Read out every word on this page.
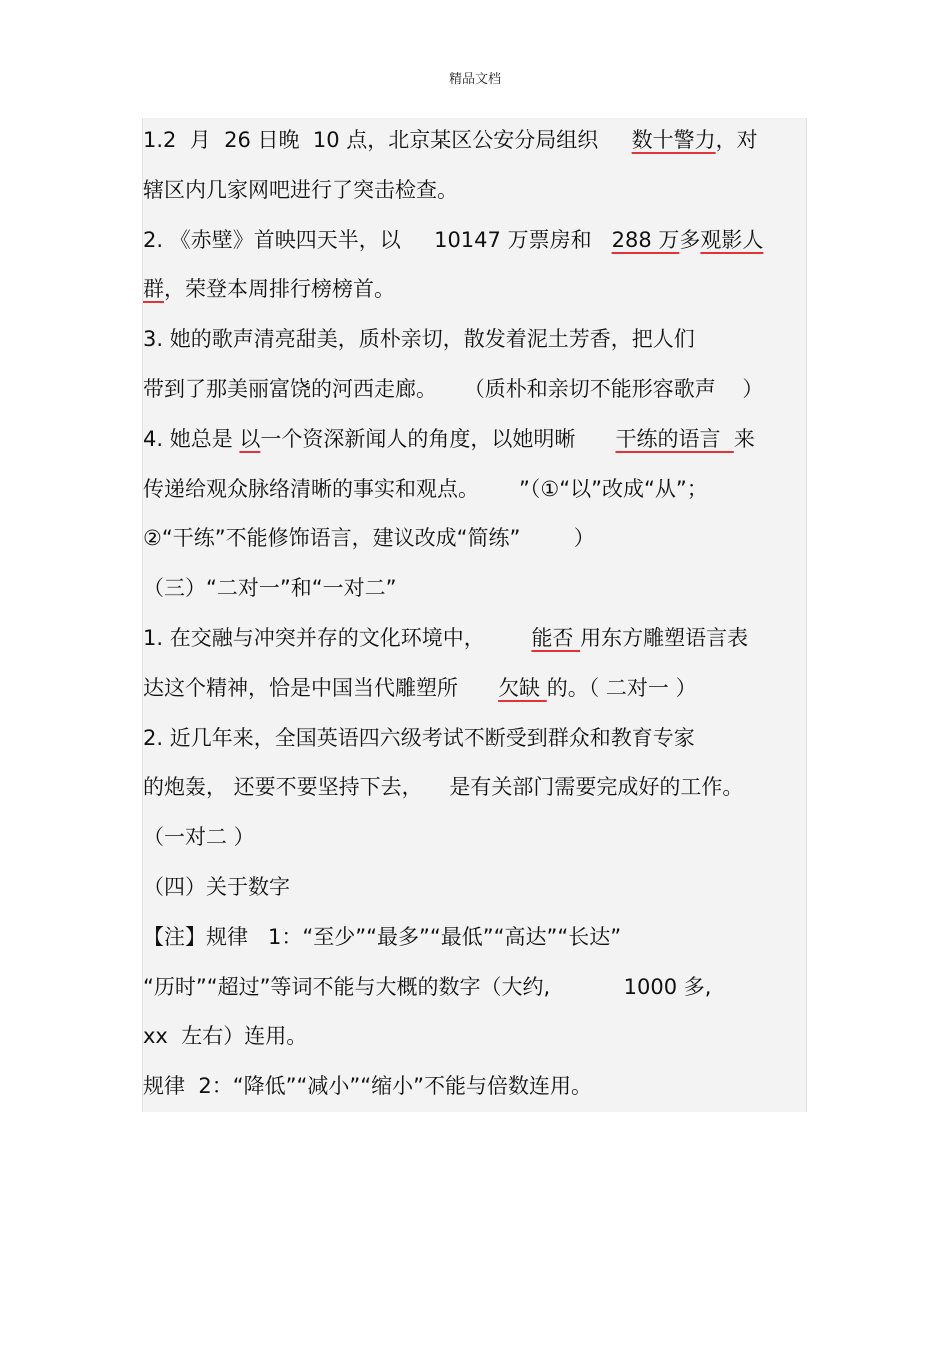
精品文档
1.2  月  26 日晚  10 点，北京某区公安分局组织     数十警力，对
辖区内几家网吧进行了突击检查。
2. 《赤壁》首映四天半，以     10147 万票房和   288 万多观影人
群，荣登本周排行榜榜首。
3. 她的歌声清亮甜美，质朴亲切，散发着泥土芳香，把人们
带到了那美丽富饶的河西走廊。    （质朴和亲切不能形容歌声    ）
4. 她总是 以一个资深新闻人的角度，以她明晰      干练的语言  来
传递给观众脉络清晰的事实和观点。      ”（①“以”改成“从”；
②“干练”不能修饰语言，建议改成“简练”        ）
（三）“二对一”和“一对二”
1. 在交融与冲突并存的文化环境中，       能否 用东方雕塑语言表
达这个精神，恰是中国当代雕塑所      欠缺 的。（ 二对一 ）
2. 近几年来，全国英语四六级考试不断受到群众和教育专家
的炮轰， 还要不要坚持下去，    是有关部门需要完成好的工作。
（一对二 ）
（四）关于数字
【注】规律   1：“至少”“最多”“最低”“高达”“长达”
“历时”“超过”等词不能与大概的数字（大约,           1000 多,
xx  左右）连用。
规律  2：“降低”“减小”“缩小”不能与倍数连用。
